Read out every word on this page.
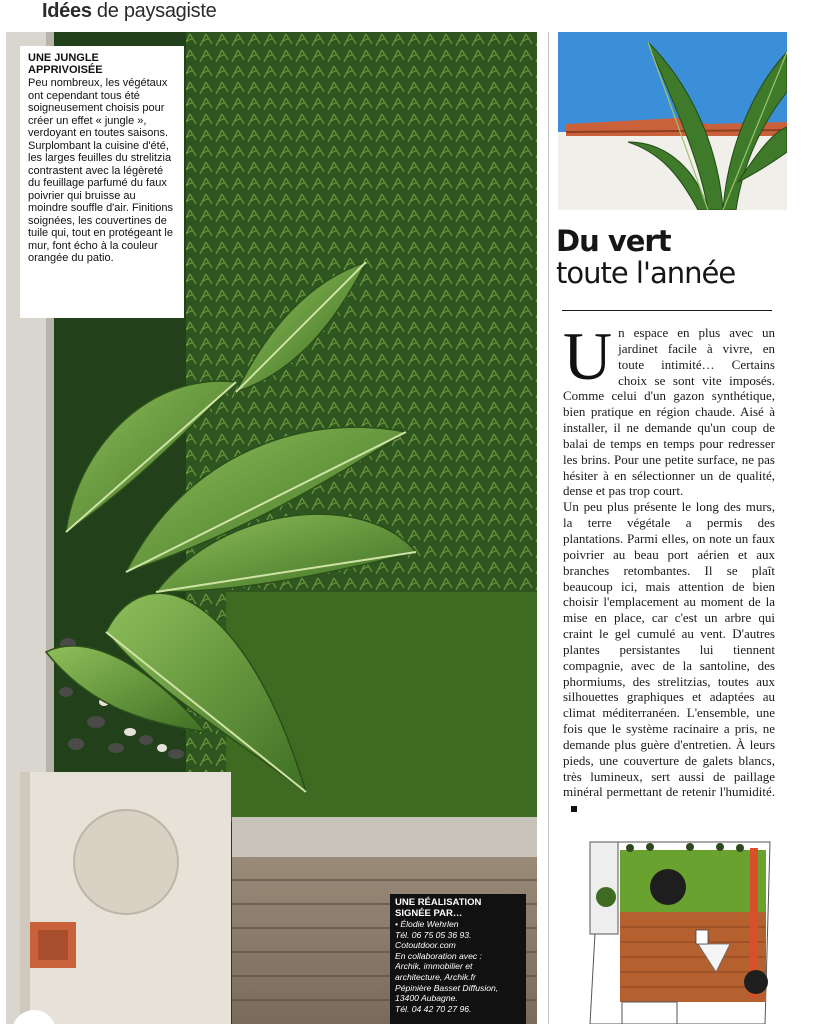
Idées de paysagiste
UNE JUNGLE
APPRIVOISÉE
Peu nombreux, les végétaux ont cependant tous été soigneusement choisis pour créer un effet « jungle », verdoyant en toutes saisons. Surplombant la cuisine d'été, les larges feuilles du strelitzia contrastent avec la légèreté du feuillage parfumé du faux poivrier qui bruisse au moindre souffle d'air. Finitions soignées, les couvertines de tuile qui, tout en protégeant le mur, font écho à la couleur orangée du patio.
UNE RÉALISATION
SIGNÉE PAR…
• Élodie Wehrlen
Tél. 06 75 05 36 93.
Cotoutdoor.com
En collaboration avec :
Archik, immobilier et
architecture, Archik.fr
Pépinière Basset Diffusion,
13400 Aubagne.
Tél. 04 42 70 27 96.
Du vert
toute l'année
U n espace en plus avec un jardinet facile à vivre, en toute intimité… Certains choix se sont vite imposés. Comme celui d'un gazon synthétique, bien pratique en région chaude. Aisé à installer, il ne demande qu'un coup de balai de temps en temps pour redresser les brins. Pour une petite surface, ne pas hésiter à en sélectionner un de qualité, dense et pas trop court.

Un peu plus présente le long des murs, la terre végétale a permis des plantations. Parmi elles, on note un faux poivrier au beau port aérien et aux branches retombantes. Il se plaît beaucoup ici, mais attention de bien choisir l'emplacement au moment de la mise en place, car c'est un arbre qui craint le gel cumulé au vent. D'autres plantes persistantes lui tiennent compagnie, avec de la santoline, des phormiums, des strelitzias, toutes aux silhouettes graphiques et adaptées au climat méditerranéen. L'ensemble, une fois que le système racinaire a pris, ne demande plus guère d'entretien. À leurs pieds, une couverture de galets blancs, très lumineux, sert aussi de paillage minéral permettant de retenir l'humidité.
